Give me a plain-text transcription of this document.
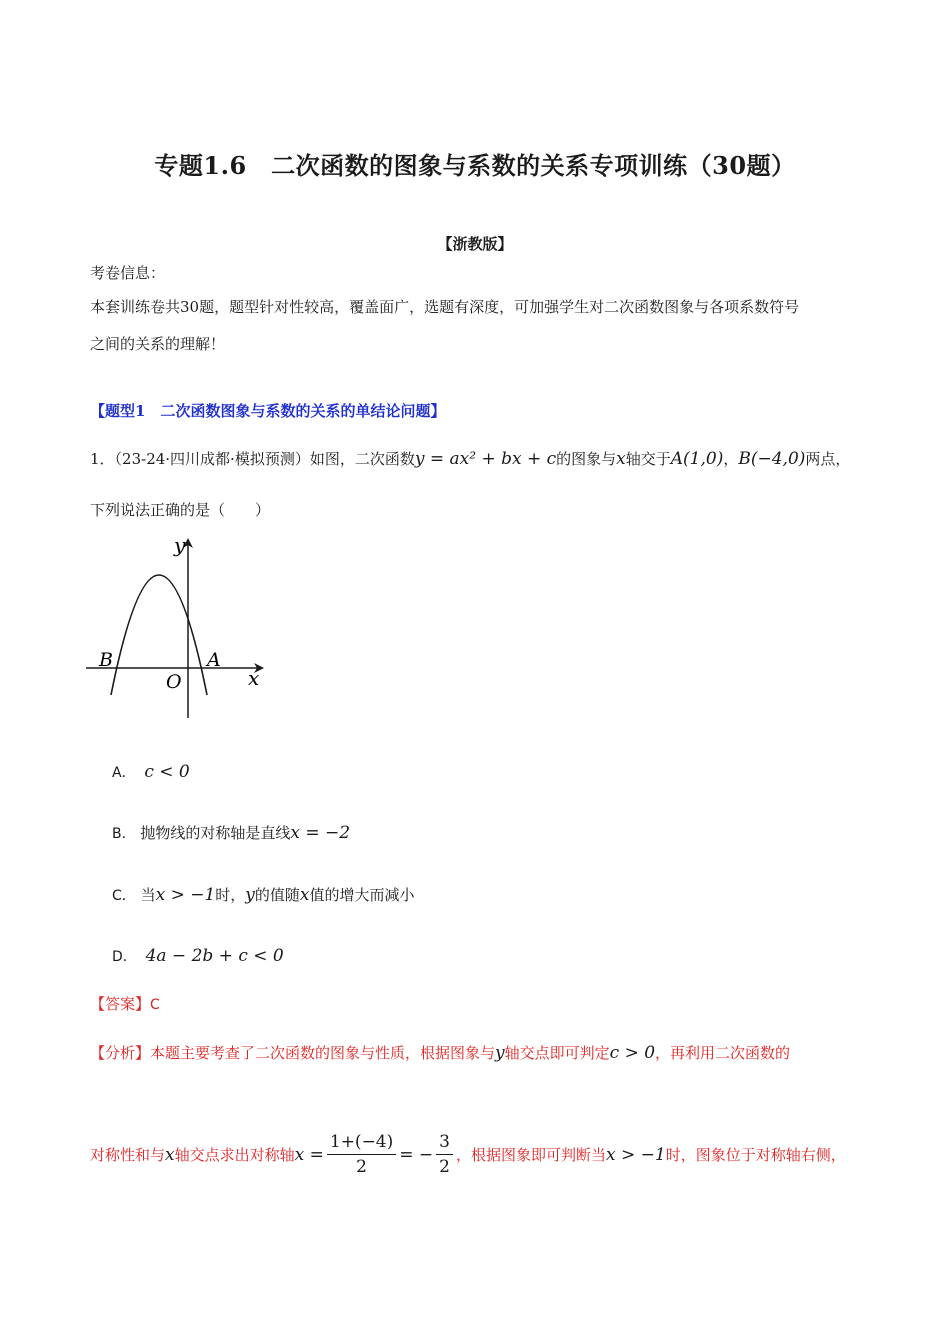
专题1.6　二次函数的图象与系数的关系专项训练（30题）
【浙教版】
考卷信息：
本套训练卷共30题，题型针对性较高，覆盖面广，选题有深度，可加强学生对二次函数图象与各项系数符号
之间的关系的理解！
【题型1　二次函数图象与系数的关系的单结论问题】
1．（23-24·四川成都·模拟预测）如图，二次函数y = ax² + bx + c的图象与x轴交于A(1,0)，B(−4,0)两点，
下列说法正确的是（　　）
y
x
O
A
B
A． c < 0
B． 抛物线的对称轴是直线x = −2
C． 当x > −1时，y的值随x值的增大而减小
D． 4a − 2b + c < 0
【答案】C
【分析】本题主要考查了二次函数的图象与性质，根据图象与y轴交点即可判定c > 0，再利用二次函数的
对称性和与 x 轴交点求出对称轴 $x = \frac{1+(-4)}{2}$ = − $\frac{3}{2}$ ，根据图象即可判断当 x > −1 时，图象位于对称轴右侧，
